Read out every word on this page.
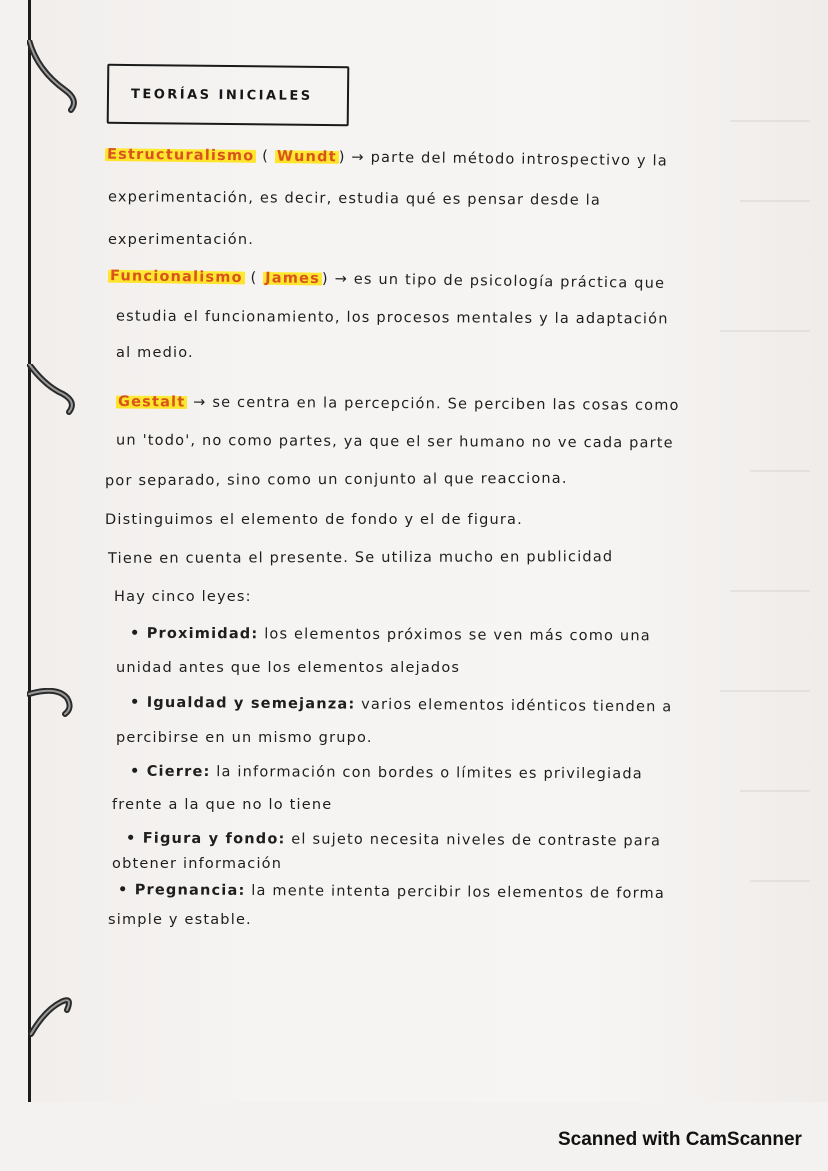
TEORÍAS INICIALES
Estructuralismo ( Wundt ) → parte del método introspectivo y la
experimentación, es decir, estudia qué es pensar desde la
experimentación.
Funcionalismo ( James ) → es un tipo de psicología práctica que
estudia el funcionamiento, los procesos mentales y la adaptación
al medio.
Gestalt → se centra en la percepción. Se perciben las cosas como
un 'todo', no como partes, ya que el ser humano no ve cada parte
por separado, sino como un conjunto al que reacciona.
Distinguimos el elemento de fondo y el de figura.
Tiene en cuenta el presente. Se utiliza mucho en publicidad
Hay cinco leyes:
• Proximidad: los elementos próximos se ven más como una
unidad antes que los elementos alejados
• Igualdad y semejanza: varios elementos idénticos tienden a
percibirse en un mismo grupo.
• Cierre: la información con bordes o límites es privilegiada
frente a la que no lo tiene
• Figura y fondo: el sujeto necesita niveles de contraste para
obtener información
• Pregnancia: la mente intenta percibir los elementos de forma
simple y estable.
Scanned with CamScanner
